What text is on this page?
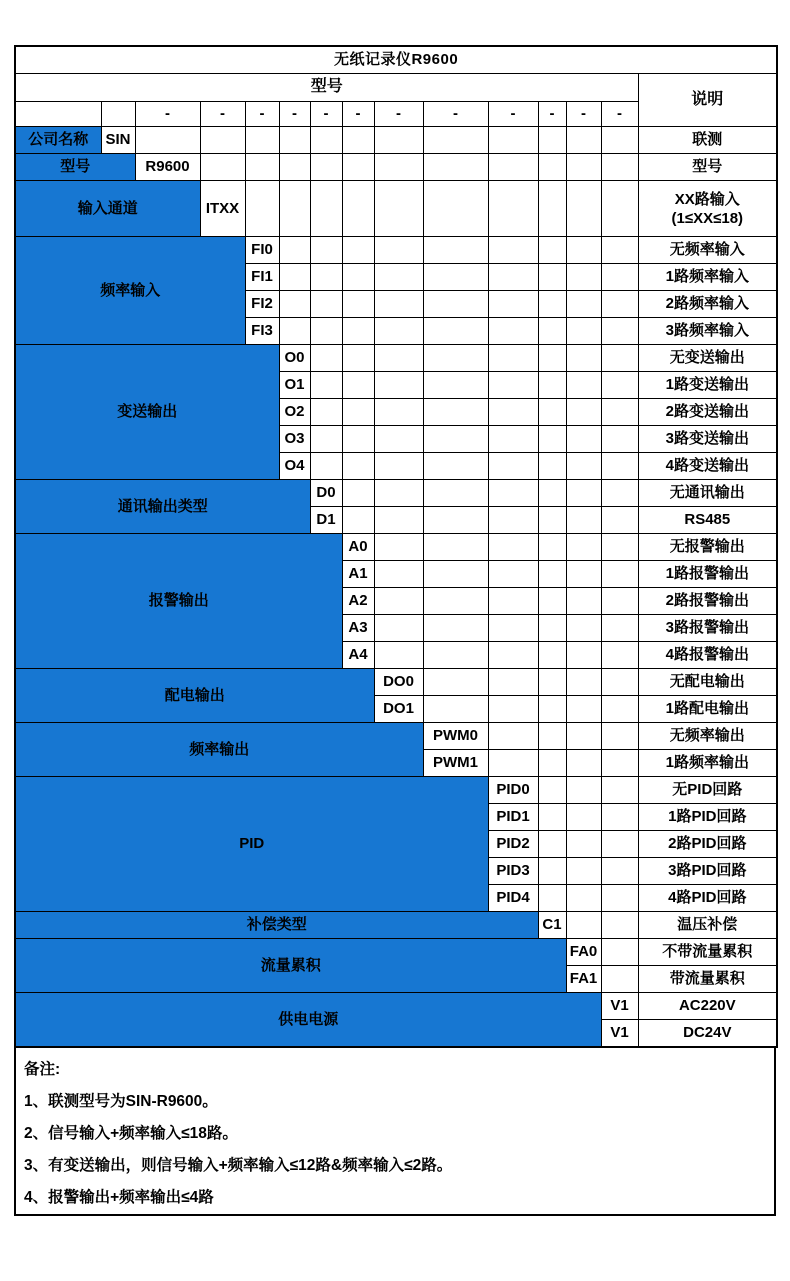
无纸记录仪R9600														
型号														说明
		-	-	-	-	-	-	-	-	-	-	-	-	
公司名称	SIN													联测
型号		R9600												型号
输入通道			ITXX											XX路输入
(1≤XX≤18)

频率输入				FI0										无频率输入
				FI1										1路频率输入
				FI2										2路频率输入
				FI3										3路频率输入
变送输出					O0									无变送输出
					O1									1路变送输出
					O2									2路变送输出
					O3									3路变送输出
					O4									4路变送输出
通讯输出类型						D0								无通讯输出
						D1								RS485
报警输出							A0							无报警输出
							A1							1路报警输出
							A2							2路报警输出
							A3							3路报警输出
							A4							4路报警输出
配电输出								DO0						无配电输出
								DO1						1路配电输出
频率输出									PWM0					无频率输出
									PWM1					1路频率输出
PID										PID0				无PID回路
										PID1				1路PID回路
										PID2				2路PID回路
										PID3				3路PID回路
										PID4				4路PID回路
补偿类型											C1			温压补偿
流量累积												FA0		不带流量累积
												FA1		带流量累积
供电电源													V1	AC220V
													V1	DC24V
备注:
1、联测型号为SIN-R9600。
2、信号输入+频率输入≤18路。
3、有变送输出，则信号输入+频率输入≤12路&频率输入≤2路。
4、报警输出+频率输出≤4路
